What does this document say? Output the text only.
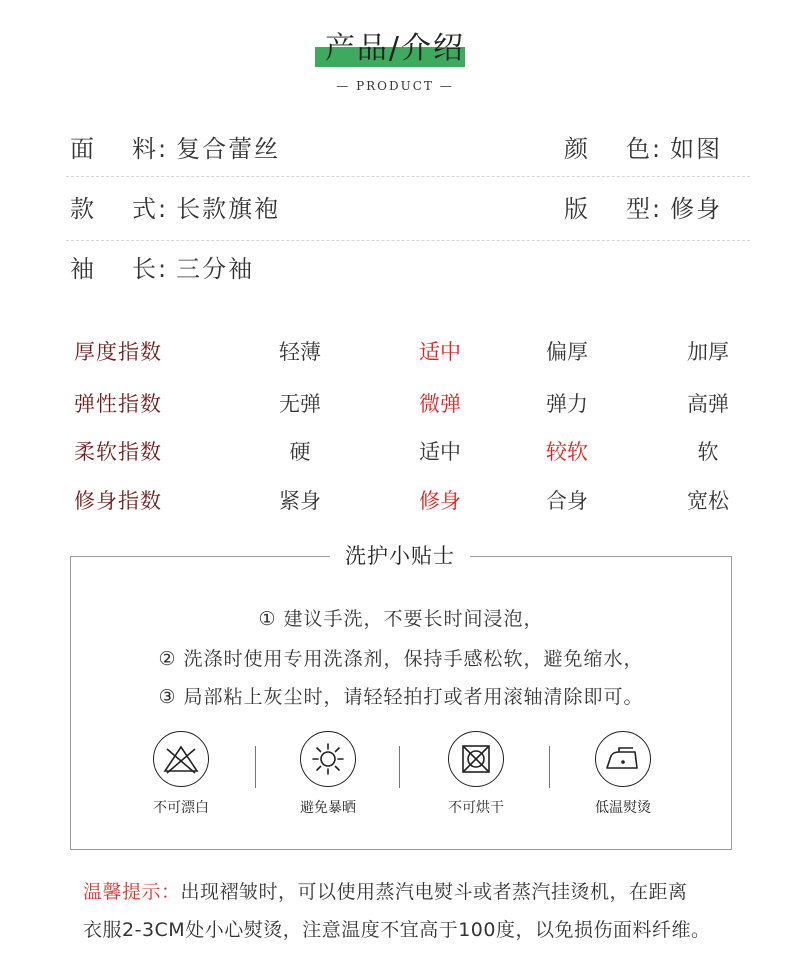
产品/介绍
— PRODUCT —
面料: 复合蕾丝	颜色: 如图
款式: 长款旗袍	版型: 修身
袖长: 三分袖
厚度指数	轻薄	适中	偏厚	加厚
弹性指数	无弹	微弹	弹力	高弹
柔软指数	硬	适中	较软	软
修身指数	紧身	修身	合身	宽松
洗护小贴士
① 建议手洗，不要长时间浸泡，
② 洗涤时使用专用洗涤剂，保持手感松软，避免缩水，
③ 局部粘上灰尘时，请轻轻拍打或者用滚轴清除即可。
不可漂白	避免暴晒	不可烘干	低温熨烫
温馨提示：出现褶皱时，可以使用蒸汽电熨斗或者蒸汽挂烫机，在距离
衣服2-3CM处小心熨烫，注意温度不宜高于100度，以免损伤面料纤维。
